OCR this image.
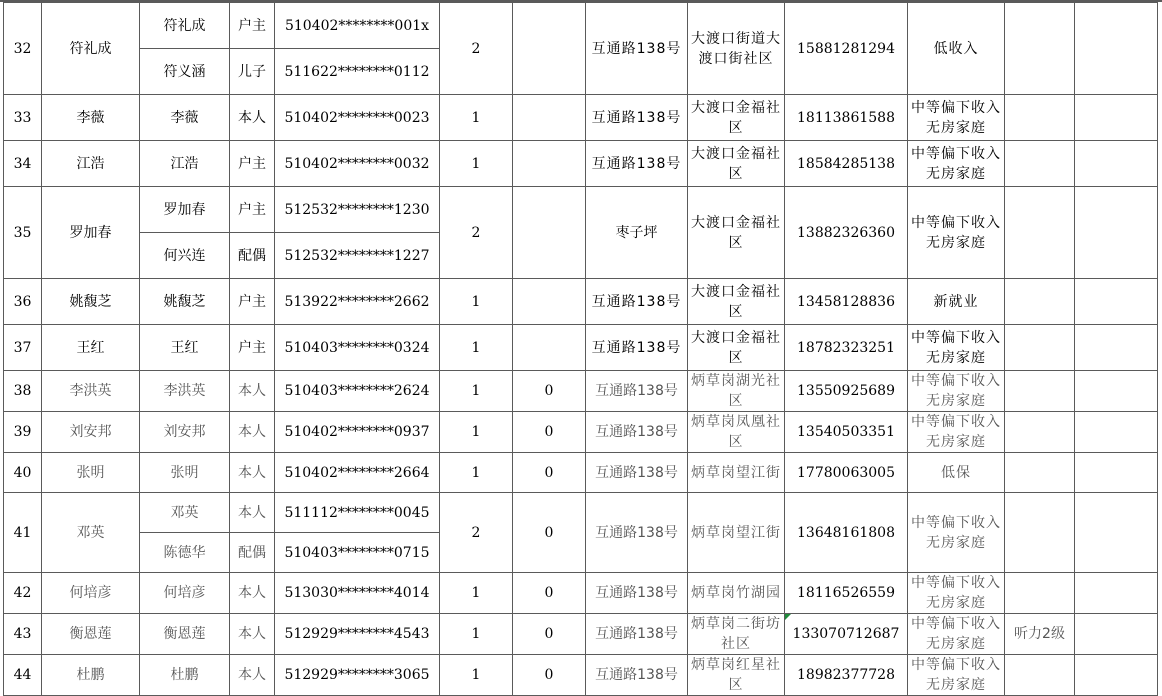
32	符礼成	符礼成	户主	510402********001x	2		互通路138号	大渡口街道大渡口街社区	15881281294	低收入		
		符义涵	儿子	511622********0112								
33	李薇	李薇	本人	510402********0023	1		互通路138号	大渡口金福社区	18113861588	中等偏下收入无房家庭		
34	江浩	江浩	户主	510402********0032	1		互通路138号	大渡口金福社区	18584285138	中等偏下收入无房家庭		
35	罗加春	罗加春	户主	512532********1230	2		枣子坪	大渡口金福社区	13882326360	中等偏下收入无房家庭		
		何兴连	配偶	512532********1227								
36	姚馥芝	姚馥芝	户主	513922********2662	1		互通路138号	大渡口金福社区	13458128836	新就业		
37	王红	王红	户主	510403********0324	1		互通路138号	大渡口金福社区	18782323251	中等偏下收入无房家庭		
38	李洪英	李洪英	本人	510403********2624	1	0	互通路138号	炳草岗湖光社区	13550925689	中等偏下收入无房家庭		
39	刘安邦	刘安邦	本人	510402********0937	1	0	互通路138号	炳草岗凤凰社区	13540503351	中等偏下收入无房家庭		
40	张明	张明	本人	510402********2664	1	0	互通路138号	炳草岗望江街	17780063005	低保		
41	邓英	邓英	本人	511112********0045	2	0	互通路138号	炳草岗望江街	13648161808	中等偏下收入无房家庭		
		陈德华	配偶	510403********0715								
42	何培彦	何培彦	本人	513030********4014	1	0	互通路138号	炳草岗竹湖园	18116526559	中等偏下收入无房家庭		
43	衡恩莲	衡恩莲	本人	512929********4543	1	0	互通路138号	炳草岗二街坊社区	133070712687	中等偏下收入无房家庭	听力2级	
44	杜鹏	杜鹏	本人	512929********3065	1	0	互通路138号	炳草岗红星社区	18982377728	中等偏下收入无房家庭		
